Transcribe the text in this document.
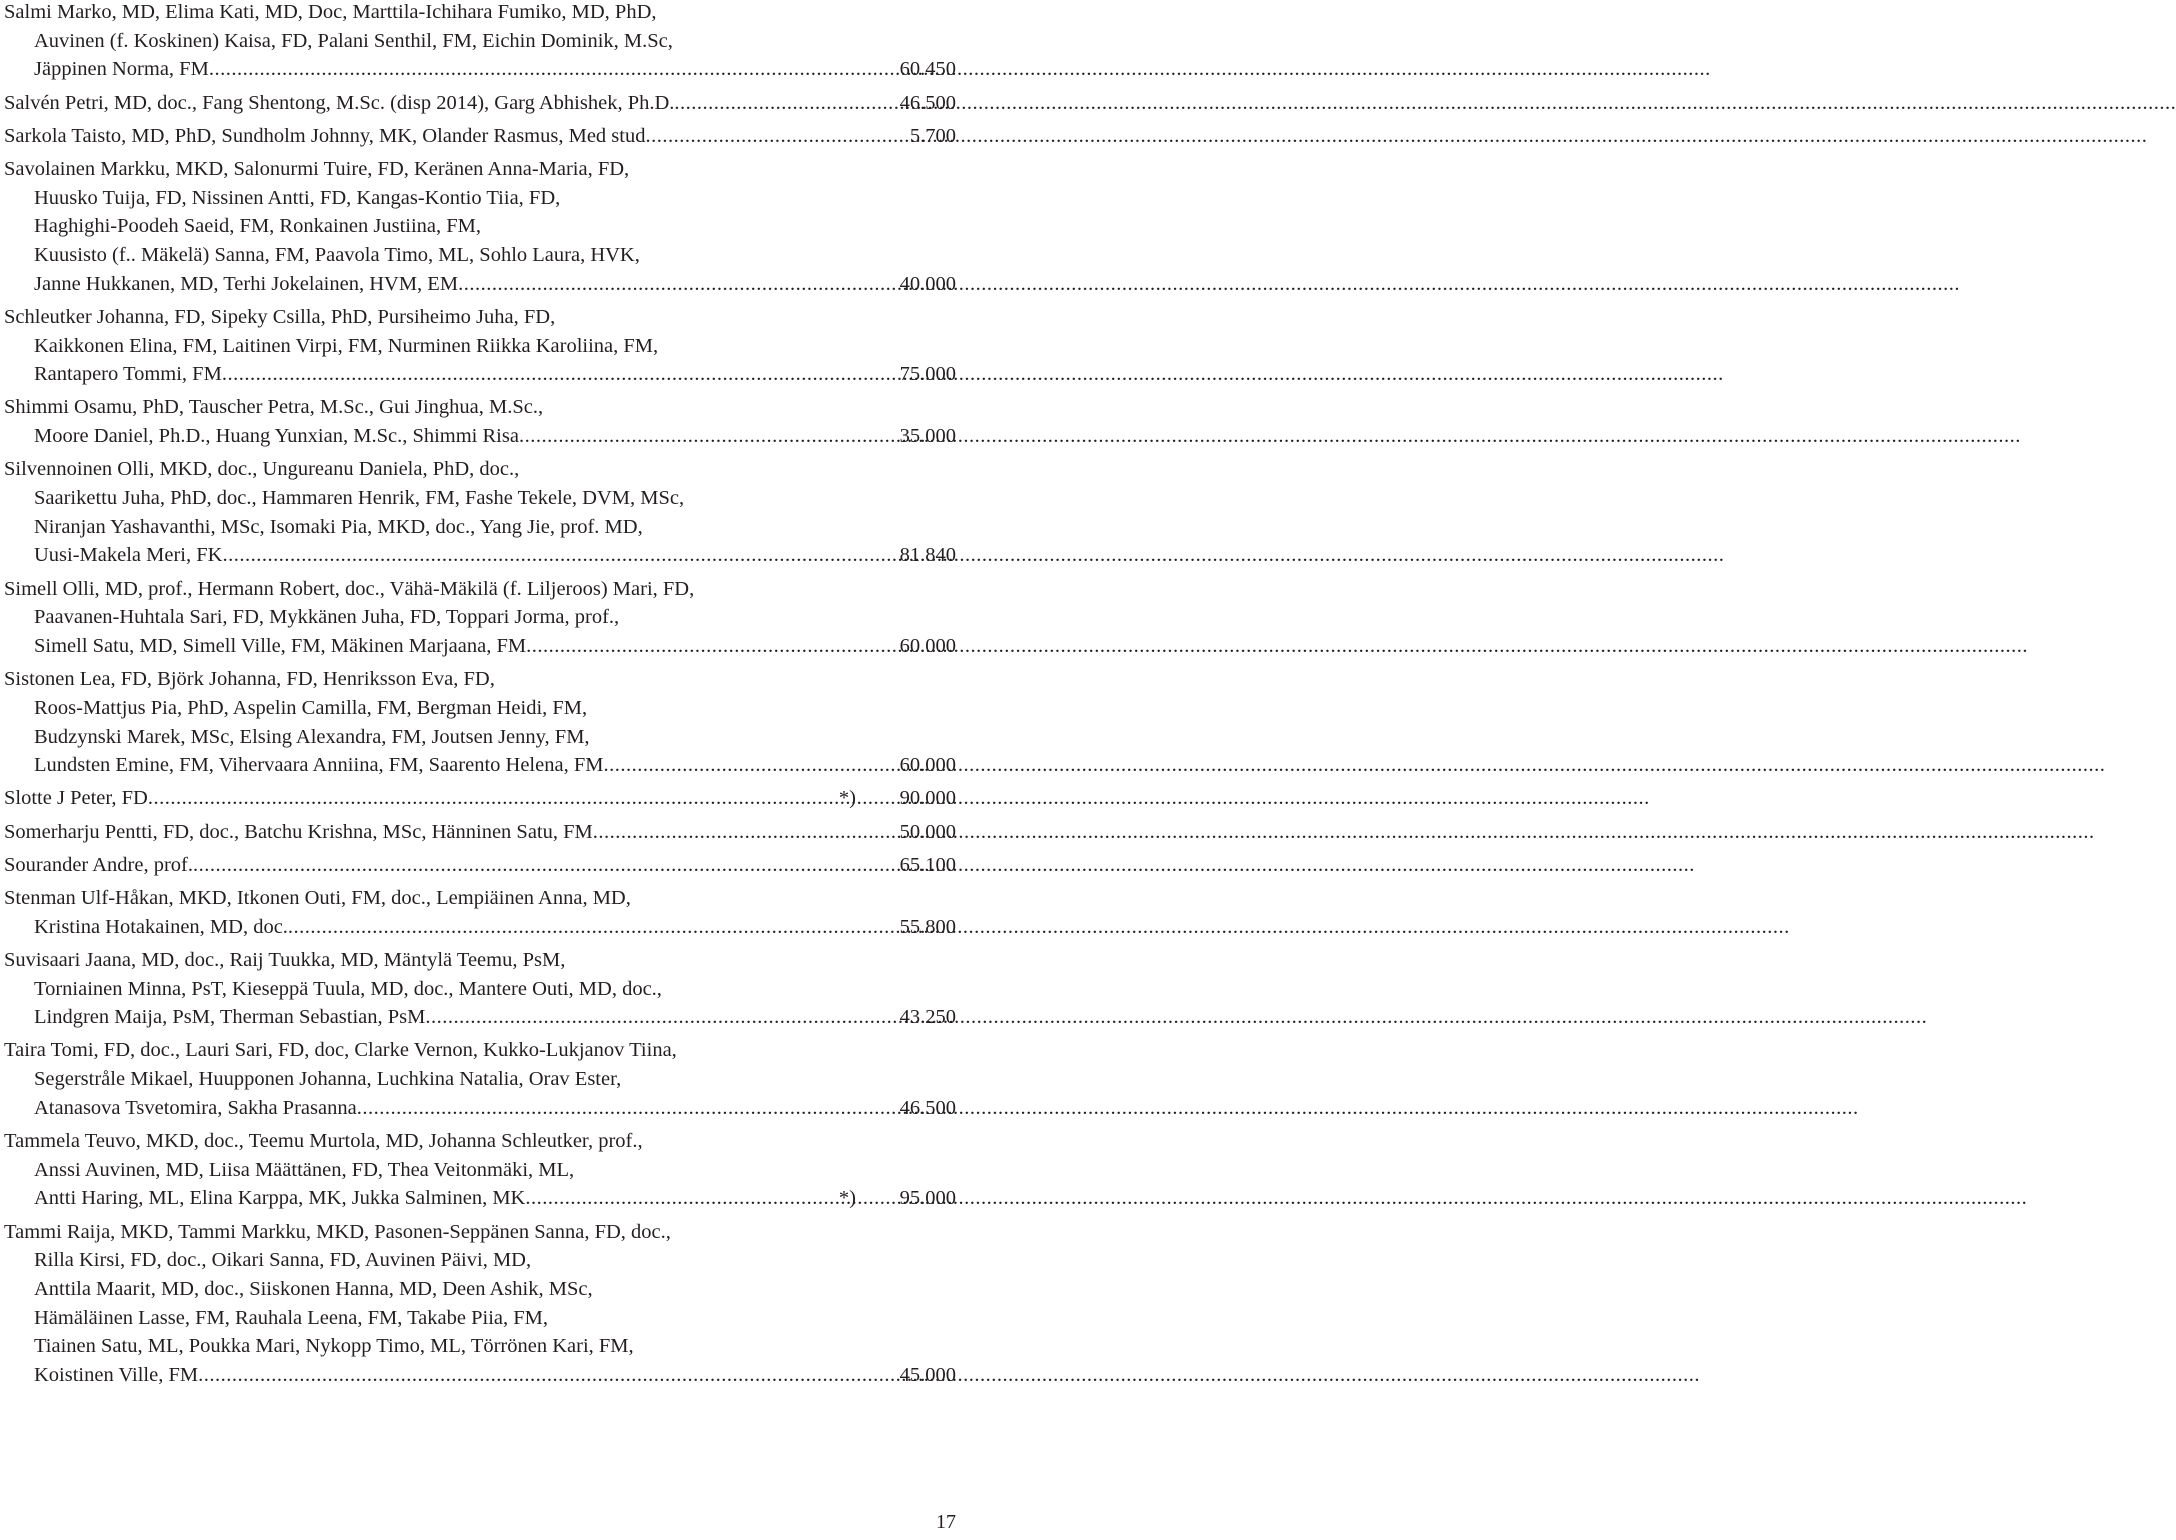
Salmi Marko, MD, Elima Kati, MD, Doc, Marttila-Ichihara Fumiko, MD, PhD,
Auvinen (f. Koskinen) Kaisa, FD, Palani Senthil, FM, Eichin Dominik, M.Sc,
Jäppinen Norma, FM .....	60.450
Salvén Petri, MD, doc., Fang Shentong, M.Sc. (disp 2014), Garg Abhishek, Ph.D. .....	46.500
Sarkola Taisto, MD, PhD, Sundholm Johnny, MK, Olander Rasmus, Med stud .....	5.700
Savolainen Markku, MKD, Salonurmi Tuire, FD, Keränen Anna-Maria, FD,
Huusko Tuija, FD, Nissinen Antti, FD, Kangas-Kontio Tiia, FD,
Haghighi-Poodeh Saeid, FM, Ronkainen Justiina, FM,
Kuusisto (f.. Mäkelä) Sanna, FM, Paavola Timo, ML, Sohlo Laura, HVK,
Janne Hukkanen, MD, Terhi Jokelainen, HVM, EM .....	40.000
Schleutker Johanna, FD, Sipeky Csilla, PhD, Pursiheimo Juha, FD,
Kaikkonen Elina, FM, Laitinen Virpi, FM, Nurminen Riikka Karoliina, FM,
Rantapero Tommi, FM .....	75.000
Shimmi Osamu, PhD, Tauscher Petra, M.Sc., Gui Jinghua, M.Sc.,
Moore Daniel, Ph.D., Huang Yunxian, M.Sc., Shimmi Risa .....	35.000
Silvennoinen Olli, MKD, doc., Ungureanu Daniela, PhD, doc.,
Saarikettu Juha, PhD, doc., Hammaren Henrik, FM, Fashe Tekele, DVM, MSc,
Niranjan Yashavanthi, MSc, Isomaki Pia, MKD, doc., Yang Jie, prof. MD,
Uusi-Makela Meri, FK .....	81.840
Simell Olli, MD, prof., Hermann Robert, doc., Vähä-Mäkilä (f. Liljeroos) Mari, FD,
Paavanen-Huhtala Sari, FD, Mykkänen Juha, FD, Toppari Jorma, prof.,
Simell Satu, MD, Simell Ville, FM, Mäkinen Marjaana, FM .....	60.000
Sistonen Lea, FD, Björk Johanna, FD, Henriksson Eva, FD,
Roos-Mattjus Pia, PhD, Aspelin Camilla, FM, Bergman Heidi, FM,
Budzynski Marek, MSc, Elsing Alexandra, FM, Joutsen Jenny, FM,
Lundsten Emine, FM, Vihervaara Anniina, FM, Saarento Helena, FM .....	60.000
Slotte J Peter, FD .....	*)	90.000
Somerharju Pentti, FD, doc., Batchu Krishna, MSc, Hänninen Satu, FM .....	50.000
Sourander Andre, prof. .....	65.100
Stenman Ulf-Håkan, MKD, Itkonen Outi, FM, doc., Lempiäinen Anna, MD,
Kristina Hotakainen, MD, doc. .....	55.800
Suvisaari Jaana, MD, doc., Raij Tuukka, MD, Mäntylä Teemu, PsM,
Torniainen Minna, PsT, Kieseppä Tuula, MD, doc., Mantere Outi, MD, doc.,
Lindgren Maija, PsM, Therman Sebastian, PsM .....	43.250
Taira Tomi, FD, doc., Lauri Sari, FD, doc, Clarke Vernon, Kukko-Lukjanov Tiina,
Segerstråle Mikael, Huupponen Johanna, Luchkina Natalia, Orav Ester,
Atanasova Tsvetomira, Sakha Prasanna .....	46.500
Tammela Teuvo, MKD, doc., Teemu Murtola, MD, Johanna Schleutker, prof.,
Anssi Auvinen, MD, Liisa Määttänen, FD, Thea Veitonmäki, ML,
Antti Haring, ML, Elina Karppa, MK, Jukka Salminen, MK .....	*)	95.000
Tammi Raija, MKD, Tammi Markku, MKD, Pasonen-Seppänen Sanna, FD, doc.,
Rilla Kirsi, FD, doc., Oikari Sanna, FD, Auvinen Päivi, MD,
Anttila Maarit, MD, doc., Siiskonen Hanna, MD, Deen Ashik, MSc,
Hämäläinen Lasse, FM, Rauhala Leena, FM, Takabe Piia, FM,
Tiainen Satu, ML, Poukka Mari, Nykopp Timo, ML, Törrönen Kari, FM,
Koistinen Ville, FM .....	45.000
17
